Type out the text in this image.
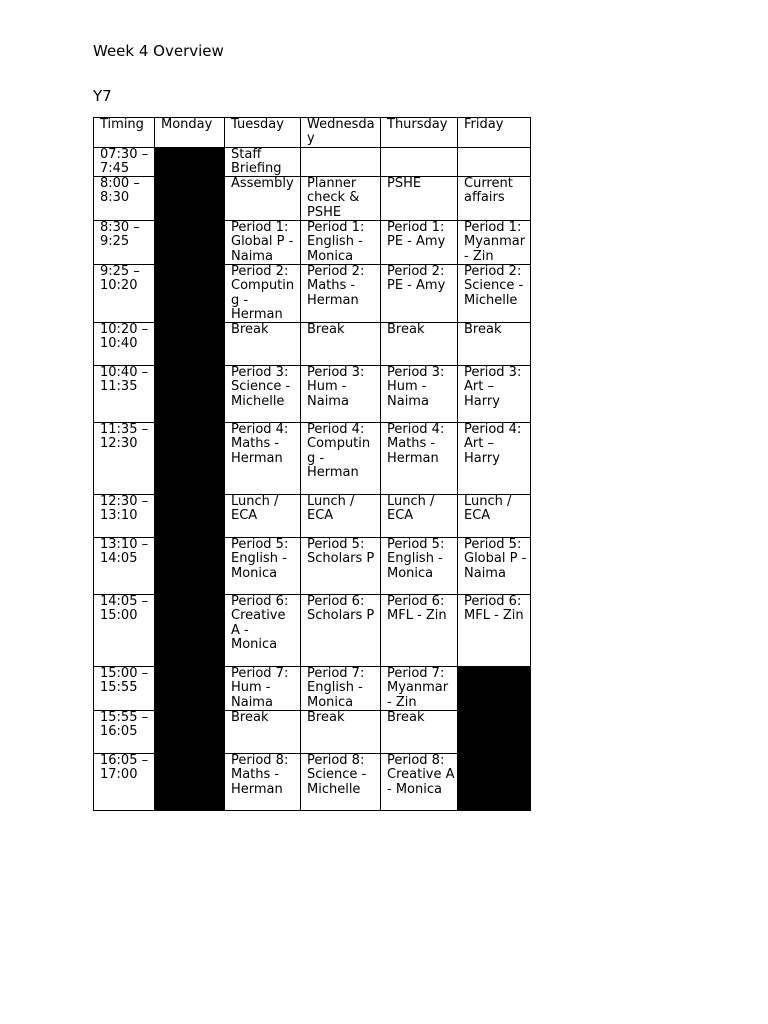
Week 4 Overview
Y7
Timing	Monday	Tuesday	Wednesday	Thursday	Friday
07:30 – 7:45		Staff Briefing			
8:00 – 8:30		Assembly	Planner check & PSHE	PSHE	Current affairs
8:30 – 9:25		Period 1: Global P - Naima	Period 1: English - Monica	Period 1: PE - Amy	Period 1: Myanmar - Zin
9:25 – 10:20		Period 2: Computing - Herman	Period 2: Maths - Herman	Period 2: PE - Amy	Period 2: Science - Michelle
10:20 – 10:40		Break	Break	Break	Break
10:40 – 11:35		Period 3: Science - Michelle	Period 3: Hum - Naima	Period 3: Hum - Naima	Period 3: Art – Harry
11:35 – 12:30		Period 4: Maths - Herman	Period 4: Computing - Herman	Period 4: Maths - Herman	Period 4: Art – Harry
12:30 – 13:10		Lunch / ECA	Lunch / ECA	Lunch / ECA	Lunch / ECA
13:10 – 14:05		Period 5: English - Monica	Period 5: Scholars P	Period 5: English - Monica	Period 5: Global P - Naima
14:05 – 15:00		Period 6: Creative A - Monica	Period 6: Scholars P	Period 6: MFL - Zin	Period 6: MFL - Zin
15:00 – 15:55		Period 7: Hum - Naima	Period 7: English - Monica	Period 7: Myanmar - Zin	
15:55 – 16:05		Break	Break	Break	
16:05 – 17:00		Period 8: Maths - Herman	Period 8: Science - Michelle	Period 8: Creative A - Monica	
